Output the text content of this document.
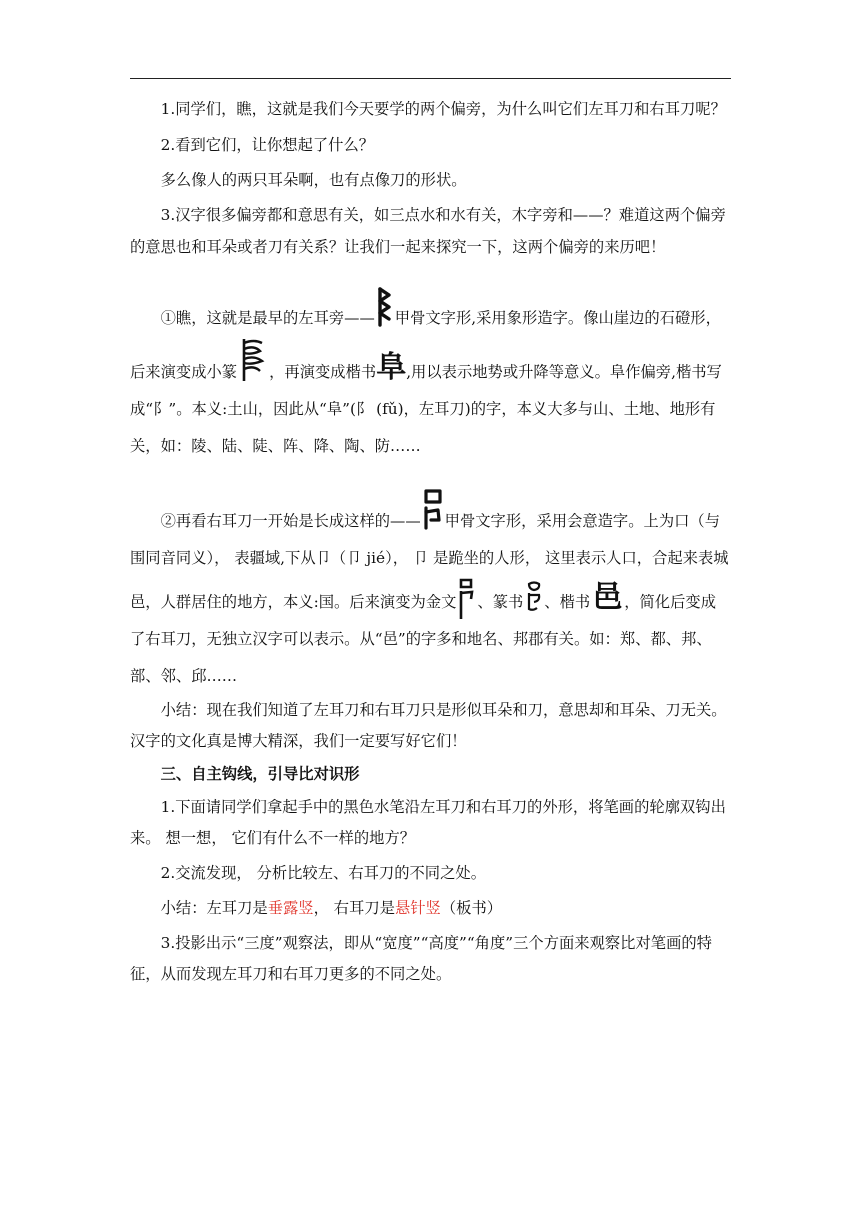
1.同学们，瞧，这就是我们今天要学的两个偏旁，为什么叫它们左耳刀和右耳刀呢？

2.看到它们，让你想起了什么？

多么像人的两只耳朵啊，也有点像刀的形状。

3.汉字很多偏旁都和意思有关，如三点水和水有关，木字旁和——？难道这两个偏旁的意思也和耳朵或者刀有关系？让我们一起来探究一下，这两个偏旁的来历吧！

①瞧，这就是最早的左耳旁—— 甲骨文字形,采用象形造字。像山崖边的石磴形，后来演变成小篆 ，再演变成楷书阜,用以表示地势或升降等意义。阜作偏旁,楷书写成“阝”。本义:土山，因此从“阜”(阝 (fǔ)，左耳刀)的字，本义大多与山、土地、地形有关，如：陵、陆、陡、阵、降、陶、防……

②再看右耳刀一开始是长成这样的—— 甲骨文字形，采用会意造字。上为口（与围同音同义）， 表疆域,下从卩（卩 jié）， 卩 是跪坐的人形， 这里表示人口，合起来表城邑，人群居住的地方，本义:国。后来演变为金文 、篆书 、楷书邑 ，简化后变成了右耳刀，无独立汉字可以表示。从“邑”的字多和地名、邦郡有关。如：郑、都、邦、部、邻、邱……

小结：现在我们知道了左耳刀和右耳刀只是形似耳朵和刀，意思却和耳朵、刀无关。汉字的文化真是博大精深，我们一定要写好它们！

三、自主钩线，引导比对识形

1.下面请同学们拿起手中的黑色水笔沿左耳刀和右耳刀的外形，将笔画的轮廓双钩出来。 想一想， 它们有什么不一样的地方？

2.交流发现， 分析比较左、右耳刀的不同之处。

小结：左耳刀是垂露竖， 右耳刀是悬针竖（板书）

3.投影出示“三度”观察法，即从“宽度”“高度”“角度”三个方面来观察比对笔画的特征，从而发现左耳刀和右耳刀更多的不同之处。
